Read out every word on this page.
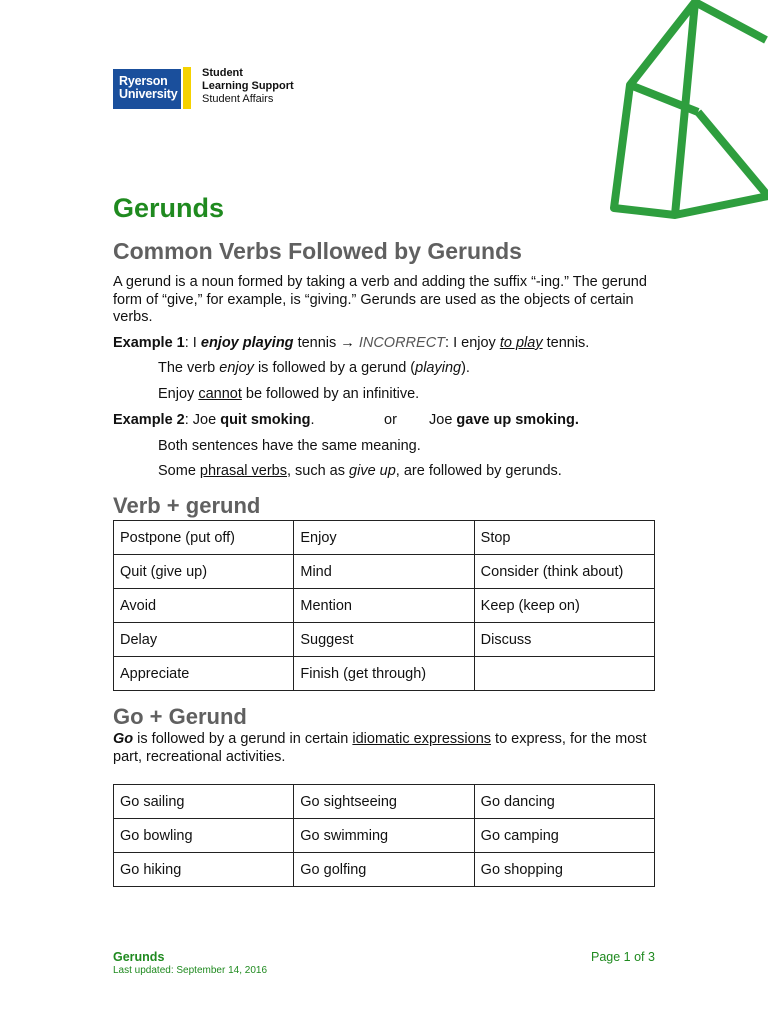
Ryerson
University
Student
Learning Support
Student Affairs
Gerunds
Common Verbs Followed by Gerunds

A gerund is a noun formed by taking a verb and adding the suffix “-ing.” The gerund form of “give,” for example, is “giving.” Gerunds are used as the objects of certain verbs.

Example 1: I enjoy playing tennis → INCORRECT: I enjoy to play tennis.

The verb enjoy is followed by a gerund (playing).

Enjoy cannot be followed by an infinitive.

Example 2: Joe quit smoking.	or Joe gave up smoking.

Both sentences have the same meaning.

Some phrasal verbs, such as give up, are followed by gerunds.

Verb + gerund
Postpone (put off)	Enjoy	Stop
Quit (give up)	Mind	Consider (think about)
Avoid	Mention	Keep (keep on)
Delay	Suggest	Discuss
Appreciate	Finish (get through)	
Go + Gerund

Go is followed by a gerund in certain idiomatic expressions to express, for the most part, recreational activities.

Go sailing	Go sightseeing	Go dancing
Go bowling	Go swimming	Go camping
Go hiking	Go golfing	Go shopping
Gerunds
Last updated: September 14, 2016
Page 1 of 3
